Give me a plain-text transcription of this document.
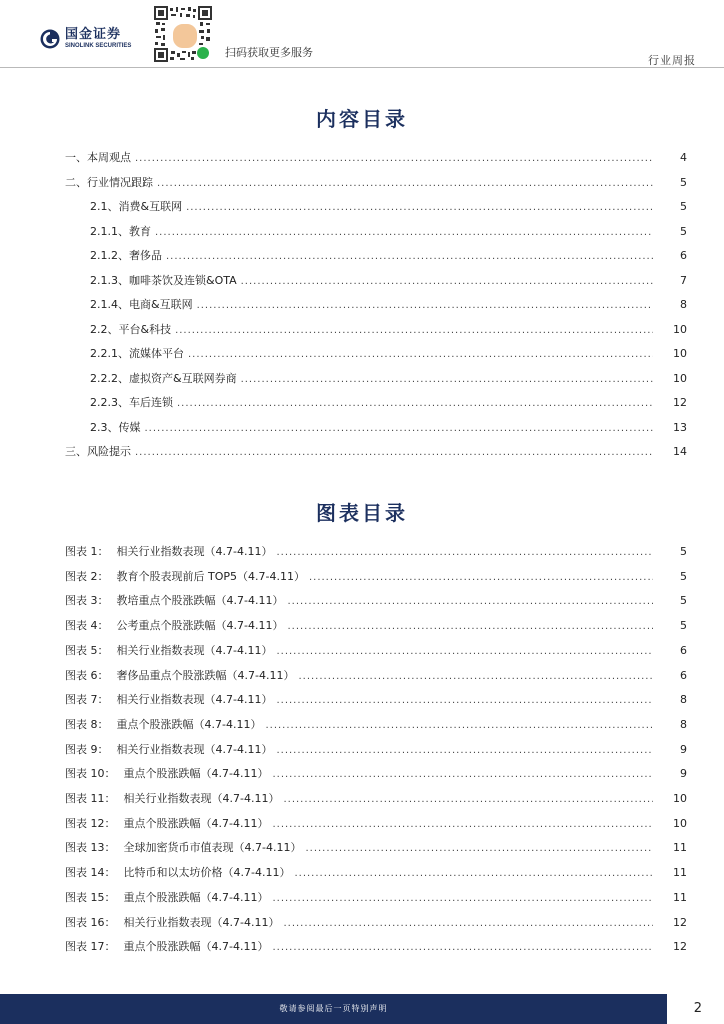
国金证券
SINOLINK SECURITIES	扫码获取更多服务
行业周报
内容目录
一、本周观点 .....	4
二、行业情况跟踪 .....	5
2.1、消费&互联网 .....	5
2.1.1、教育 .....	5
2.1.2、奢侈品 .....	6
2.1.3、咖啡茶饮及连锁&OTA .....	7
2.1.4、电商&互联网 .....	8
2.2、平台&科技 .....	10
2.2.1、流媒体平台 .....	10
2.2.2、虚拟资产&互联网券商 .....	10
2.2.3、车后连锁 .....	12
2.3、传媒 .....	13
三、风险提示 .....	14
图表目录
图表 1： 相关行业指数表现（4.7-4.11） .....	5
图表 2： 教育个股表现前后 TOP5（4.7-4.11） .....	5
图表 3： 教培重点个股涨跌幅（4.7-4.11） .....	5
图表 4： 公考重点个股涨跌幅（4.7-4.11） .....	5
图表 5： 相关行业指数表现（4.7-4.11） .....	6
图表 6： 奢侈品重点个股涨跌幅（4.7-4.11） .....	6
图表 7： 相关行业指数表现（4.7-4.11） .....	8
图表 8： 重点个股涨跌幅（4.7-4.11） .....	8
图表 9： 相关行业指数表现（4.7-4.11） .....	9
图表 10： 重点个股涨跌幅（4.7-4.11） .....	9
图表 11： 相关行业指数表现（4.7-4.11） .....	10
图表 12： 重点个股涨跌幅（4.7-4.11） .....	10
图表 13： 全球加密货币市值表现（4.7-4.11） .....	11
图表 14： 比特币和以太坊价格（4.7-4.11） .....	11
图表 15： 重点个股涨跌幅（4.7-4.11） .....	11
图表 16： 相关行业指数表现（4.7-4.11） .....	12
图表 17： 重点个股涨跌幅（4.7-4.11） .....	12
敬请参阅最后一页特别声明	2
